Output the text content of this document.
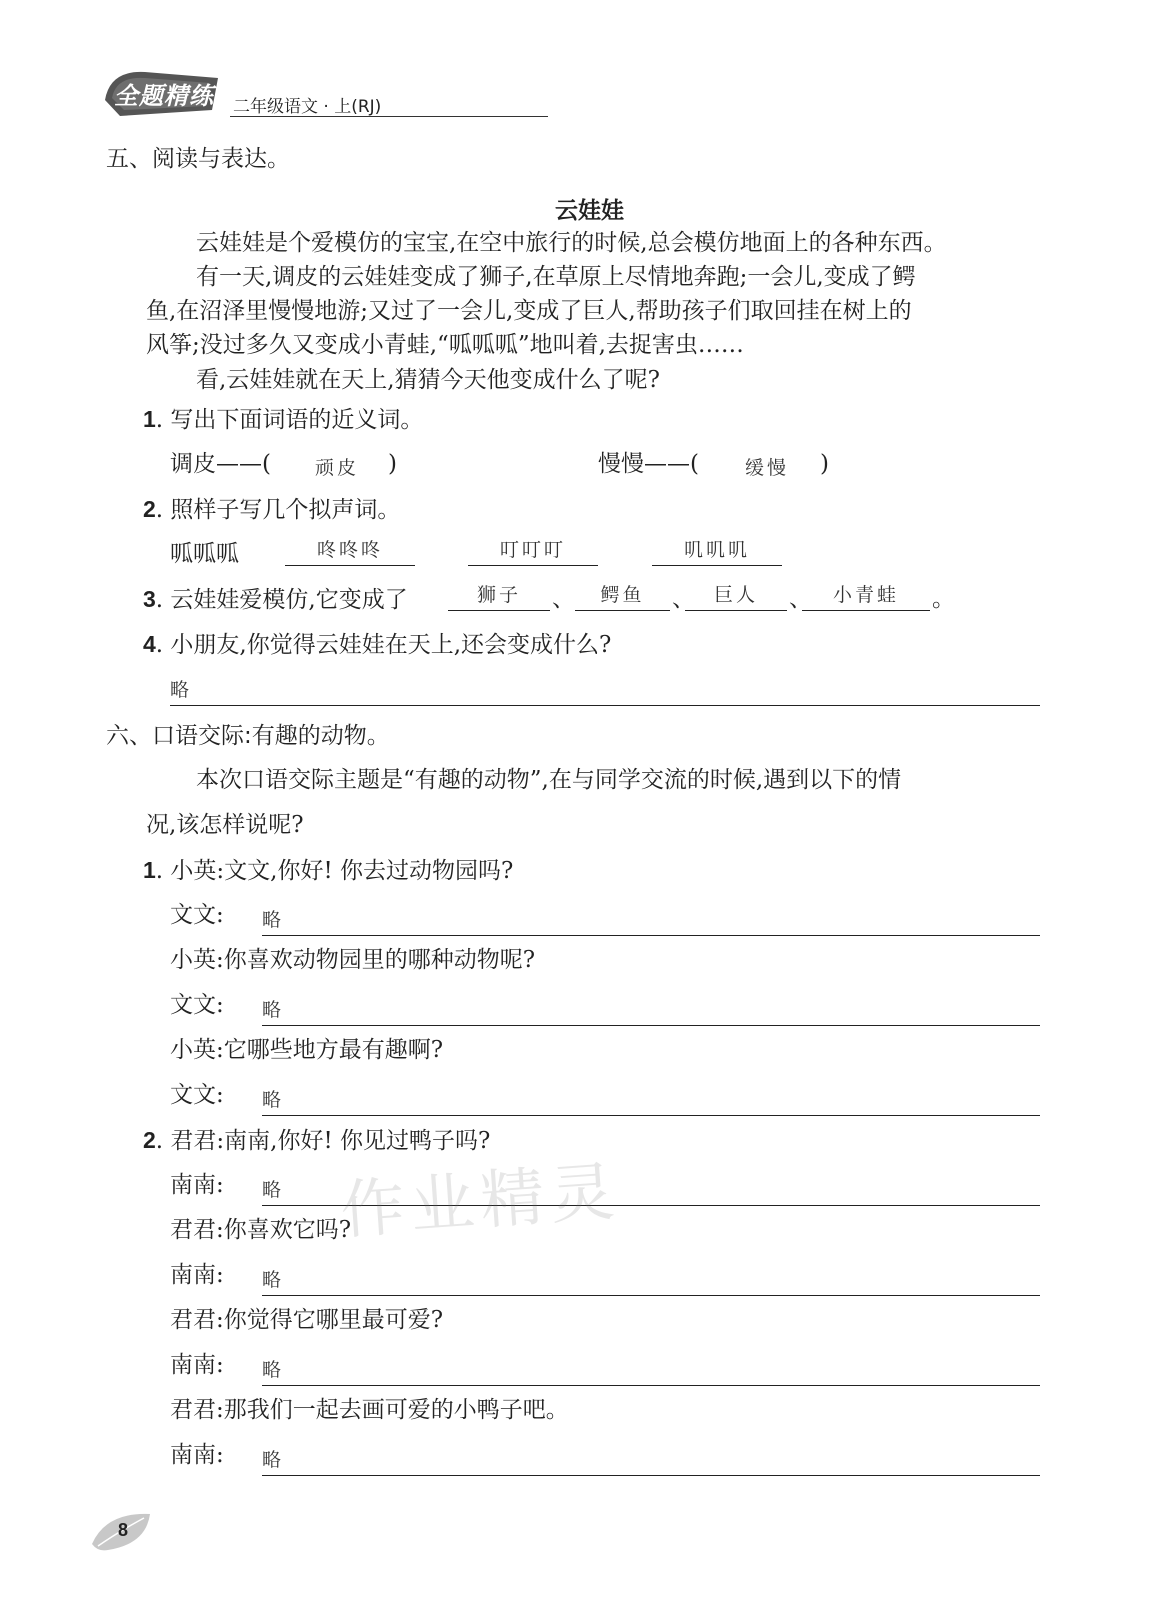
全题精练 二年级语文 · 上(RJ)
五、阅读与表达。
云娃娃
云娃娃是个爱模仿的宝宝,在空中旅行的时候,总会模仿地面上的各种东西。
有一天,调皮的云娃娃变成了狮子,在草原上尽情地奔跑;一会儿,变成了鳄
鱼,在沼泽里慢慢地游;又过了一会儿,变成了巨人,帮助孩子们取回挂在树上的
风筝;没过多久又变成小青蛙,“呱呱呱”地叫着,去捉害虫……
看,云娃娃就在天上,猜猜今天他变成什么了呢?
1. 写出下面词语的近义词。
调皮——( 顽皮 )	慢慢——( 缓慢 )
2. 照样子写几个拟声词。
呱呱呱	咚咚咚	叮叮叮	叽叽叽
3. 云娃娃爱模仿,它变成了	狮子	、	鳄鱼	、 巨人	、	小青蛙	。
4. 小朋友,你觉得云娃娃在天上,还会变成什么?
略
六、口语交际:有趣的动物。
本次口语交际主题是“有趣的动物”,在与同学交流的时候,遇到以下的情
况,该怎样说呢?
1. 小英:文文,你好! 你去过动物园吗?
文文: 略
小英:你喜欢动物园里的哪种动物呢?
文文: 略
小英:它哪些地方最有趣啊?
文文: 略
2. 君君:南南,你好! 你见过鸭子吗?
南南: 略
君君:你喜欢它吗?
南南: 略
君君:你觉得它哪里最可爱?
南南: 略
君君:那我们一起去画可爱的小鸭子吧。
南南: 略
作业精灵
8
